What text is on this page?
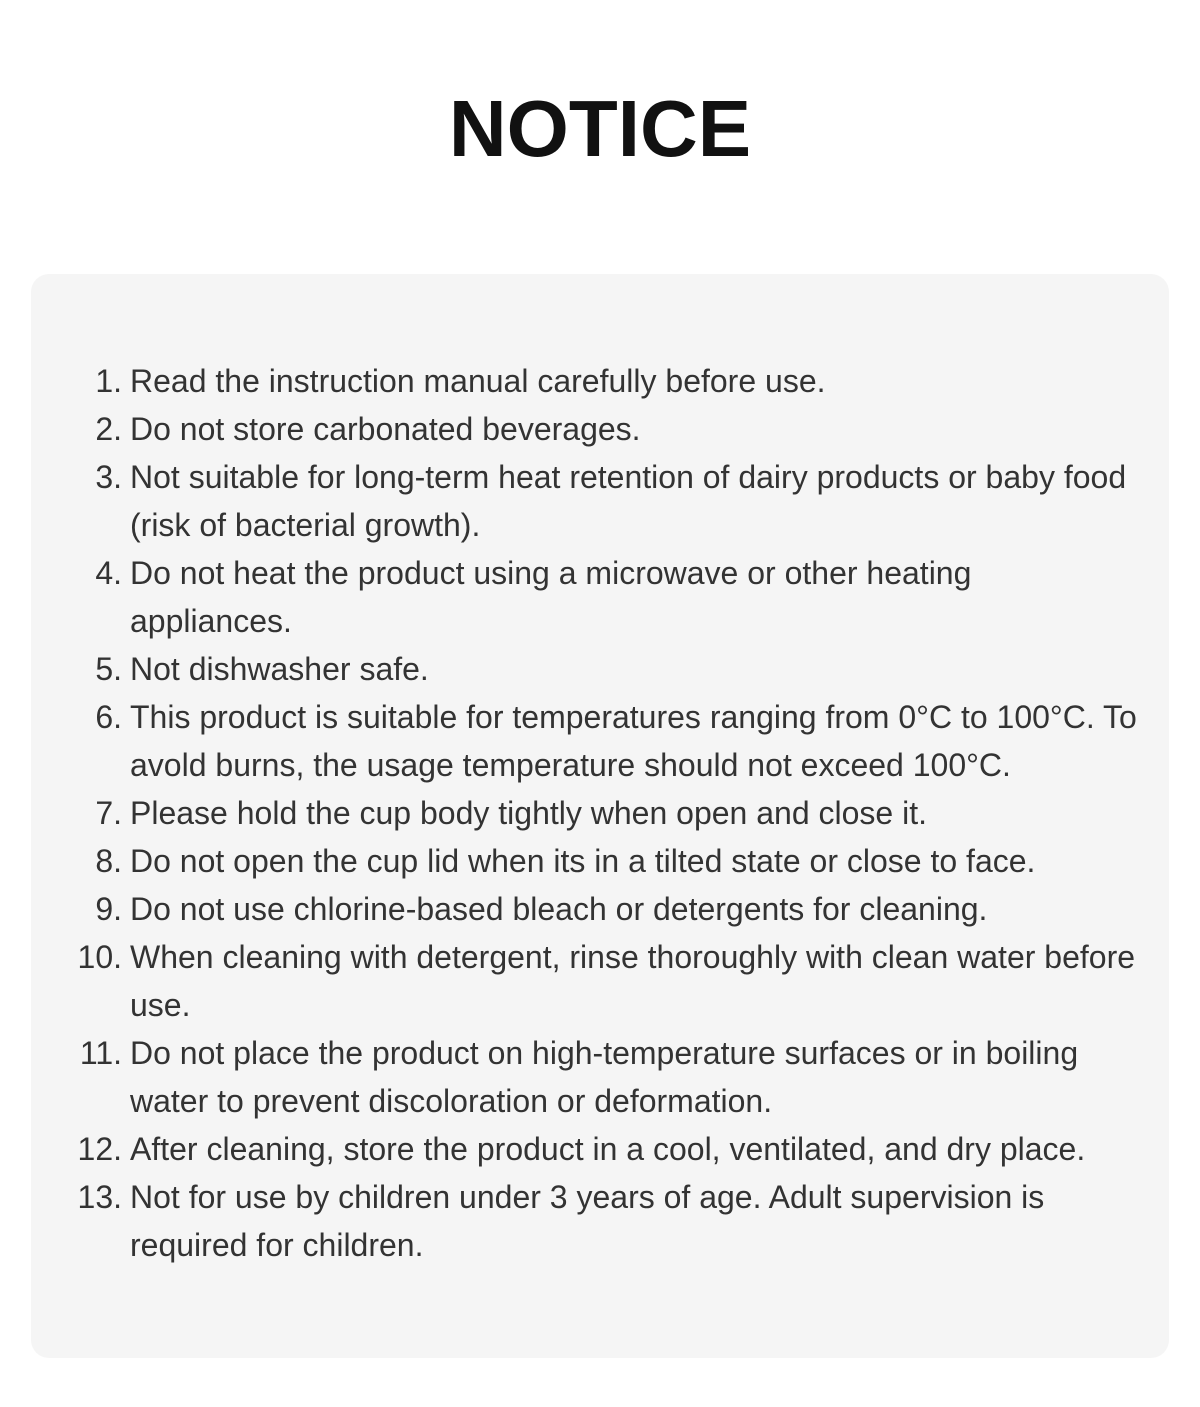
NOTICE
1. Read the instruction manual carefully before use.
2. Do not store carbonated beverages.
3. Not suitable for long-term heat retention of dairy products or baby food (risk of bacterial growth).
4. Do not heat the product using a microwave or other heating appliances.
5. Not dishwasher safe.
6. This product is suitable for temperatures ranging from 0°C to 100°C. To avold burns, the usage temperature should not exceed 100°C.
7. Please hold the cup body tightly when open and close it.
8. Do not open the cup lid when its in a tilted state or close to face.
9. Do not use chlorine-based bleach or detergents for cleaning.
10. When cleaning with detergent, rinse thoroughly with clean water before use.
11. Do not place the product on high-temperature surfaces or in boiling water to prevent discoloration or deformation.
12. After cleaning, store the product in a cool, ventilated, and dry place.
13. Not for use by children under 3 years of age. Adult supervision is required for children.
